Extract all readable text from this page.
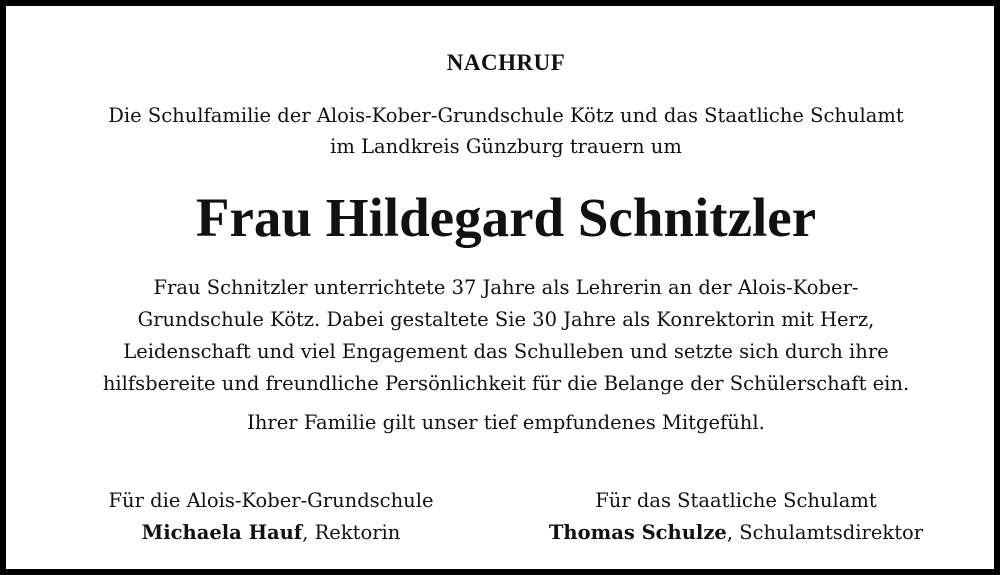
NACHRUF
Die Schulfamilie der Alois-Kober-Grundschule Kötz und das Staatliche Schulamt
im Landkreis Günzburg trauern um
Frau Hildegard Schnitzler
Frau Schnitzler unterrichtete 37 Jahre als Lehrerin an der Alois-Kober-
Grundschule Kötz. Dabei gestaltete Sie 30 Jahre als Konrektorin mit Herz,
Leidenschaft und viel Engagement das Schulleben und setzte sich durch ihre
hilfsbereite und freundliche Persönlichkeit für die Belange der Schülerschaft ein.
Ihrer Familie gilt unser tief empfundenes Mitgefühl.
Für die Alois-Kober-Grundschule
Michaela Hauf, Rektorin
Für das Staatliche Schulamt
Thomas Schulze, Schulamtsdirektor
